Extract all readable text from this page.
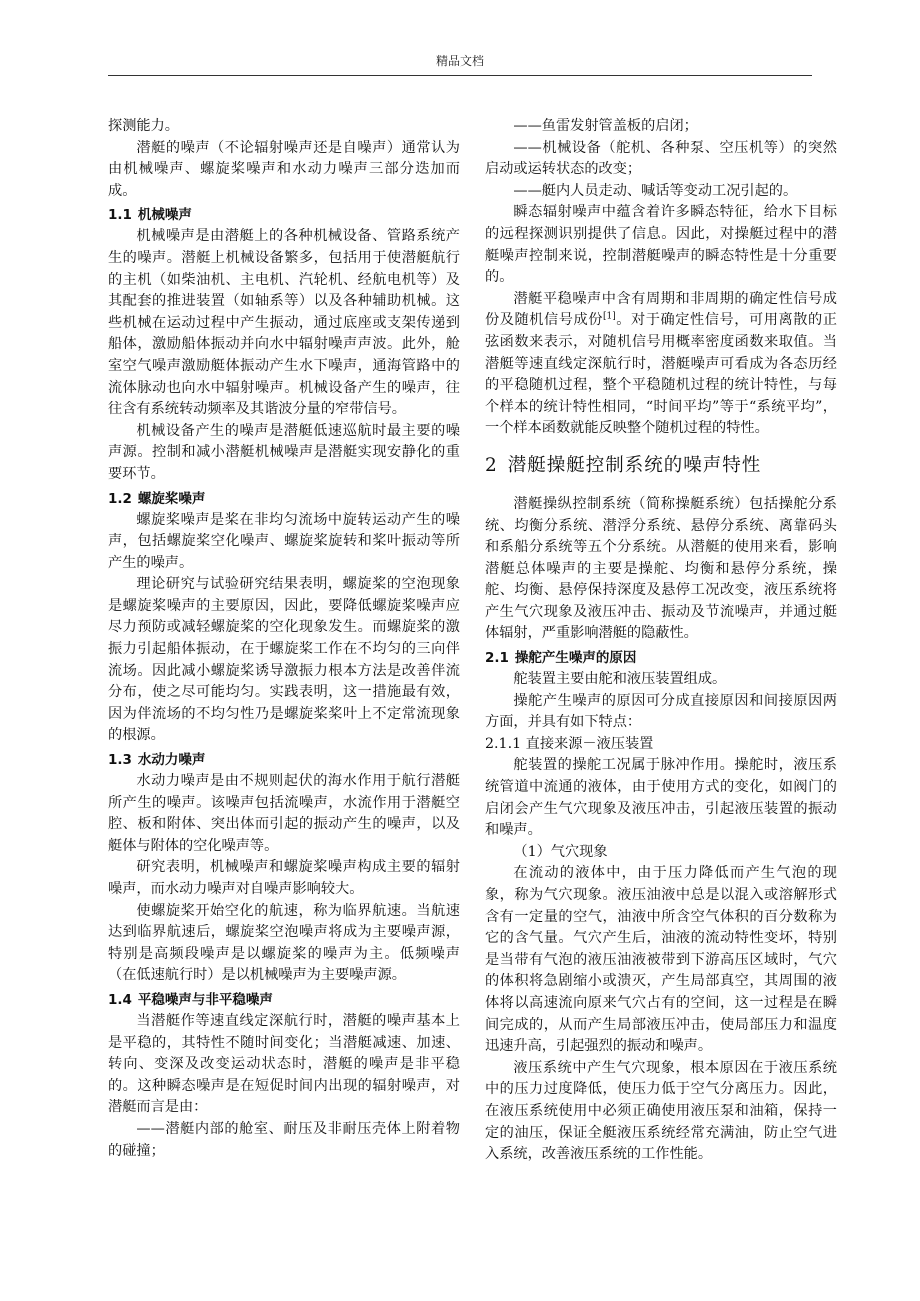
精品文档

探测能力。

潜艇的噪声（不论辐射噪声还是自噪声）通常认为由机械噪声、螺旋桨噪声和水动力噪声三部分迭加而成。

1.1 机械噪声

机械噪声是由潜艇上的各种机械设备、管路系统产生的噪声。潜艇上机械设备繁多，包括用于使潜艇航行的主机（如柴油机、主电机、汽轮机、经航电机等）及其配套的推进装置（如轴系等）以及各种辅助机械。这些机械在运动过程中产生振动，通过底座或支架传递到船体，激励船体振动并向水中辐射噪声声波。此外，舱室空气噪声激励艇体振动产生水下噪声，通海管路中的流体脉动也向水中辐射噪声。机械设备产生的噪声，往往含有系统转动频率及其谐波分量的窄带信号。

机械设备产生的噪声是潜艇低速巡航时最主要的噪声源。控制和减小潜艇机械噪声是潜艇实现安静化的重要环节。

1.2 螺旋桨噪声

螺旋桨噪声是桨在非均匀流场中旋转运动产生的噪声，包括螺旋桨空化噪声、螺旋桨旋转和桨叶振动等所产生的噪声。

理论研究与试验研究结果表明，螺旋桨的空泡现象是螺旋桨噪声的主要原因，因此，要降低螺旋桨噪声应尽力预防或减轻螺旋桨的空化现象发生。而螺旋桨的激振力引起船体振动，在于螺旋桨工作在不均匀的三向伴流场。因此减小螺旋桨诱导激振力根本方法是改善伴流分布，使之尽可能均匀。实践表明，这一措施最有效，因为伴流场的不均匀性乃是螺旋桨桨叶上不定常流现象的根源。

1.3 水动力噪声

水动力噪声是由不规则起伏的海水作用于航行潜艇所产生的噪声。该噪声包括流噪声，水流作用于潜艇空腔、板和附体、突出体而引起的振动产生的噪声，以及艇体与附体的空化噪声等。

研究表明，机械噪声和螺旋桨噪声构成主要的辐射噪声，而水动力噪声对自噪声影响较大。

使螺旋桨开始空化的航速，称为临界航速。当航速达到临界航速后，螺旋桨空泡噪声将成为主要噪声源，特别是高频段噪声是以螺旋桨的噪声为主。低频噪声（在低速航行时）是以机械噪声为主要噪声源。

1.4 平稳噪声与非平稳噪声

当潜艇作等速直线定深航行时，潜艇的噪声基本上是平稳的，其特性不随时间变化；当潜艇减速、加速、转向、变深及改变运动状态时，潜艇的噪声是非平稳的。这种瞬态噪声是在短促时间内出现的辐射噪声，对潜艇而言是由：

——潜艇内部的舱室、耐压及非耐压壳体上附着物的碰撞；

——鱼雷发射管盖板的启闭；

——机械设备（舵机、各种泵、空压机等）的突然启动或运转状态的改变；

——艇内人员走动、喊话等变动工况引起的。

瞬态辐射噪声中蕴含着许多瞬态特征，给水下目标的远程探测识别提供了信息。因此，对操艇过程中的潜艇噪声控制来说，控制潜艇噪声的瞬态特性是十分重要的。

潜艇平稳噪声中含有周期和非周期的确定性信号成份及随机信号成份[1]。对于确定性信号，可用离散的正弦函数来表示，对随机信号用概率密度函数来取值。当潜艇等速直线定深航行时，潜艇噪声可看成为各态历经的平稳随机过程，整个平稳随机过程的统计特性，与每个样本的统计特性相同，“时间平均”等于“系统平均”，一个样本函数就能反映整个随机过程的特性。

2 潜艇操艇控制系统的噪声特性

潜艇操纵控制系统（简称操艇系统）包括操舵分系统、均衡分系统、潜浮分系统、悬停分系统、离靠码头和系船分系统等五个分系统。从潜艇的使用来看，影响潜艇总体噪声的主要是操舵、均衡和悬停分系统，操舵、均衡、悬停保持深度及悬停工况改变，液压系统将产生气穴现象及液压冲击、振动及节流噪声，并通过艇体辐射，严重影响潜艇的隐蔽性。

2.1 操舵产生噪声的原因

舵装置主要由舵和液压装置组成。

操舵产生噪声的原因可分成直接原因和间接原因两方面，并具有如下特点：

2.1.1 直接来源－液压装置

舵装置的操舵工况属于脉冲作用。操舵时，液压系统管道中流通的液体，由于使用方式的变化，如阀门的启闭会产生气穴现象及液压冲击，引起液压装置的振动和噪声。

（1）气穴现象

在流动的液体中，由于压力降低而产生气泡的现象，称为气穴现象。液压油液中总是以混入或溶解形式含有一定量的空气，油液中所含空气体积的百分数称为它的含气量。气穴产生后，油液的流动特性变坏，特别是当带有气泡的液压油液被带到下游高压区域时，气穴的体积将急剧缩小或溃灭，产生局部真空，其周围的液体将以高速流向原来气穴占有的空间，这一过程是在瞬间完成的，从而产生局部液压冲击，使局部压力和温度迅速升高，引起强烈的振动和噪声。

液压系统中产生气穴现象，根本原因在于液压系统中的压力过度降低，使压力低于空气分离压力。因此，在液压系统使用中必须正确使用液压泵和油箱，保持一定的油压，保证全艇液压系统经常充满油，防止空气进入系统，改善液压系统的工作性能。
